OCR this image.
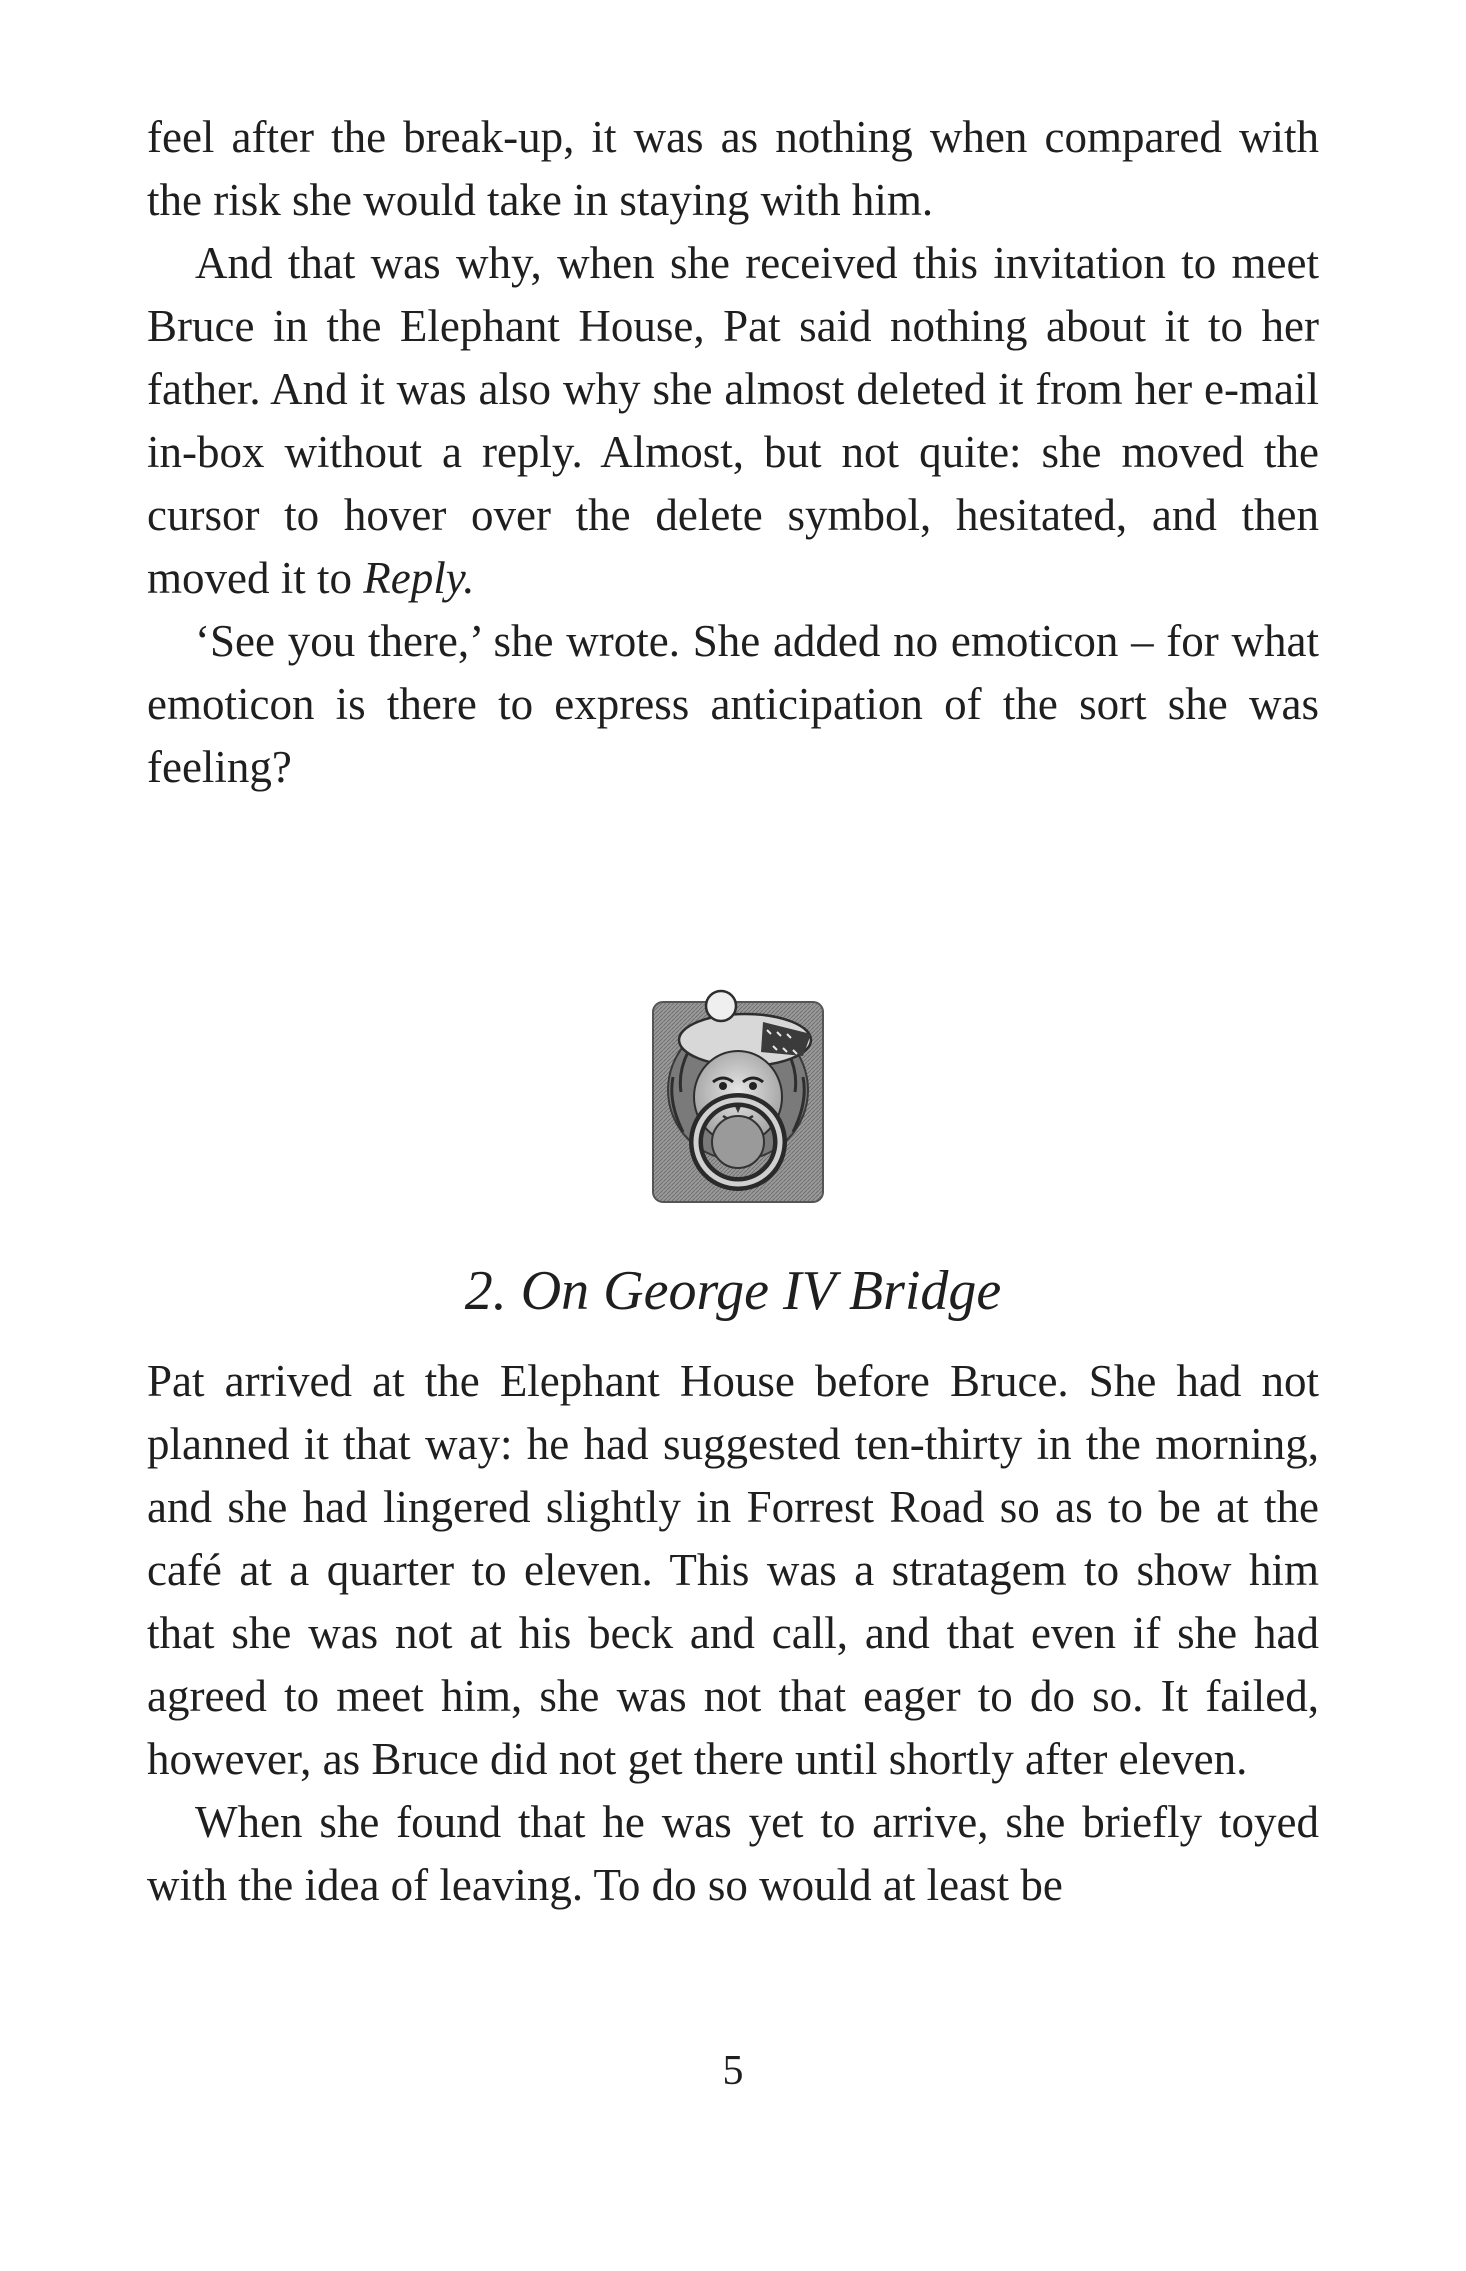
feel after the break-up, it was as nothing when compared with the risk she would take in staying with him.

And that was why, when she received this invitation to meet Bruce in the Elephant House, Pat said nothing about it to her father. And it was also why she almost deleted it from her e-mail in-box without a reply. Almost, but not quite: she moved the cursor to hover over the delete symbol, hesitated, and then moved it to Reply.

‘See you there,’ she wrote. She added no emoticon – for what emoticon is there to express anticipation of the sort she was feeling?

2. On George IV Bridge

Pat arrived at the Elephant House before Bruce. She had not planned it that way: he had suggested ten-thirty in the morning, and she had lingered slightly in Forrest Road so as to be at the café at a quarter to eleven. This was a stratagem to show him that she was not at his beck and call, and that even if she had agreed to meet him, she was not that eager to do so. It failed, however, as Bruce did not get there until shortly after eleven.

When she found that he was yet to arrive, she briefly toyed with the idea of leaving. To do so would at least be

5
